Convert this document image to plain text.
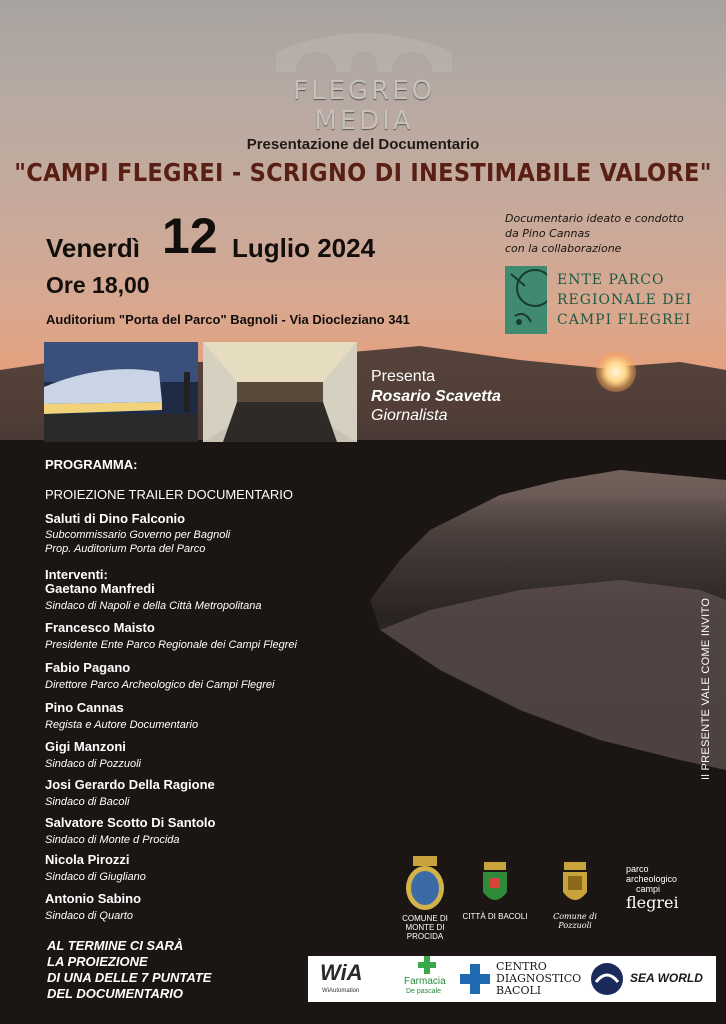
FLEGREO MEDIA
Presentazione del Documentario
"CAMPI FLEGREI - SCRIGNO DI INESTIMABILE VALORE"
Venerdì 12 Luglio 2024
Ore 18,00
Auditorium "Porta del Parco" Bagnoli - Via Diocleziano 341
Documentario ideato e condotto
da Pino Cannas
con la collaborazione
ENTE PARCO
REGIONALE DEI
CAMPI FLEGREI
Presenta
Rosario Scavetta
Giornalista
PROGRAMMA:
PROIEZIONE TRAILER DOCUMENTARIO
Saluti di Dino Falconio
Subcommissario Governo per Bagnoli
Prop. Auditorium Porta del Parco
Interventi:
Gaetano Manfredi
Sindaco di Napoli e della Città Metropolitana
Francesco Maisto
Presidente Ente Parco Regionale dei Campi Flegrei
Fabio Pagano
Direttore Parco Archeologico dei Campi Flegrei
Pino Cannas
Regista e Autore Documentario
Gigi Manzoni
Sindaco di Pozzuoli
Josi Gerardo Della Ragione
Sindaco di Bacoli
Salvatore Scotto Di Santolo
Sindaco di Monte d Procida
Nicola Pirozzi
Sindaco di Giugliano
Antonio Sabino
Sindaco di Quarto
Il PRESENTE VALE COME INVITO
AL TERMINE CI SARÀ
LA PROIEZIONE
DI UNA DELLE 7 PUNTATE
DEL DOCUMENTARIO
COMUNE DI
MONTE DI PROCIDA
CITTÀ DI BACOLI	Comune di Pozzuoli
parco
archeologico
campi
flegrei
WiA
WiAutomation
Farmacia
De pascale
CENTRO
DIAGNOSTICO
BACOLI
SEA WORLD
